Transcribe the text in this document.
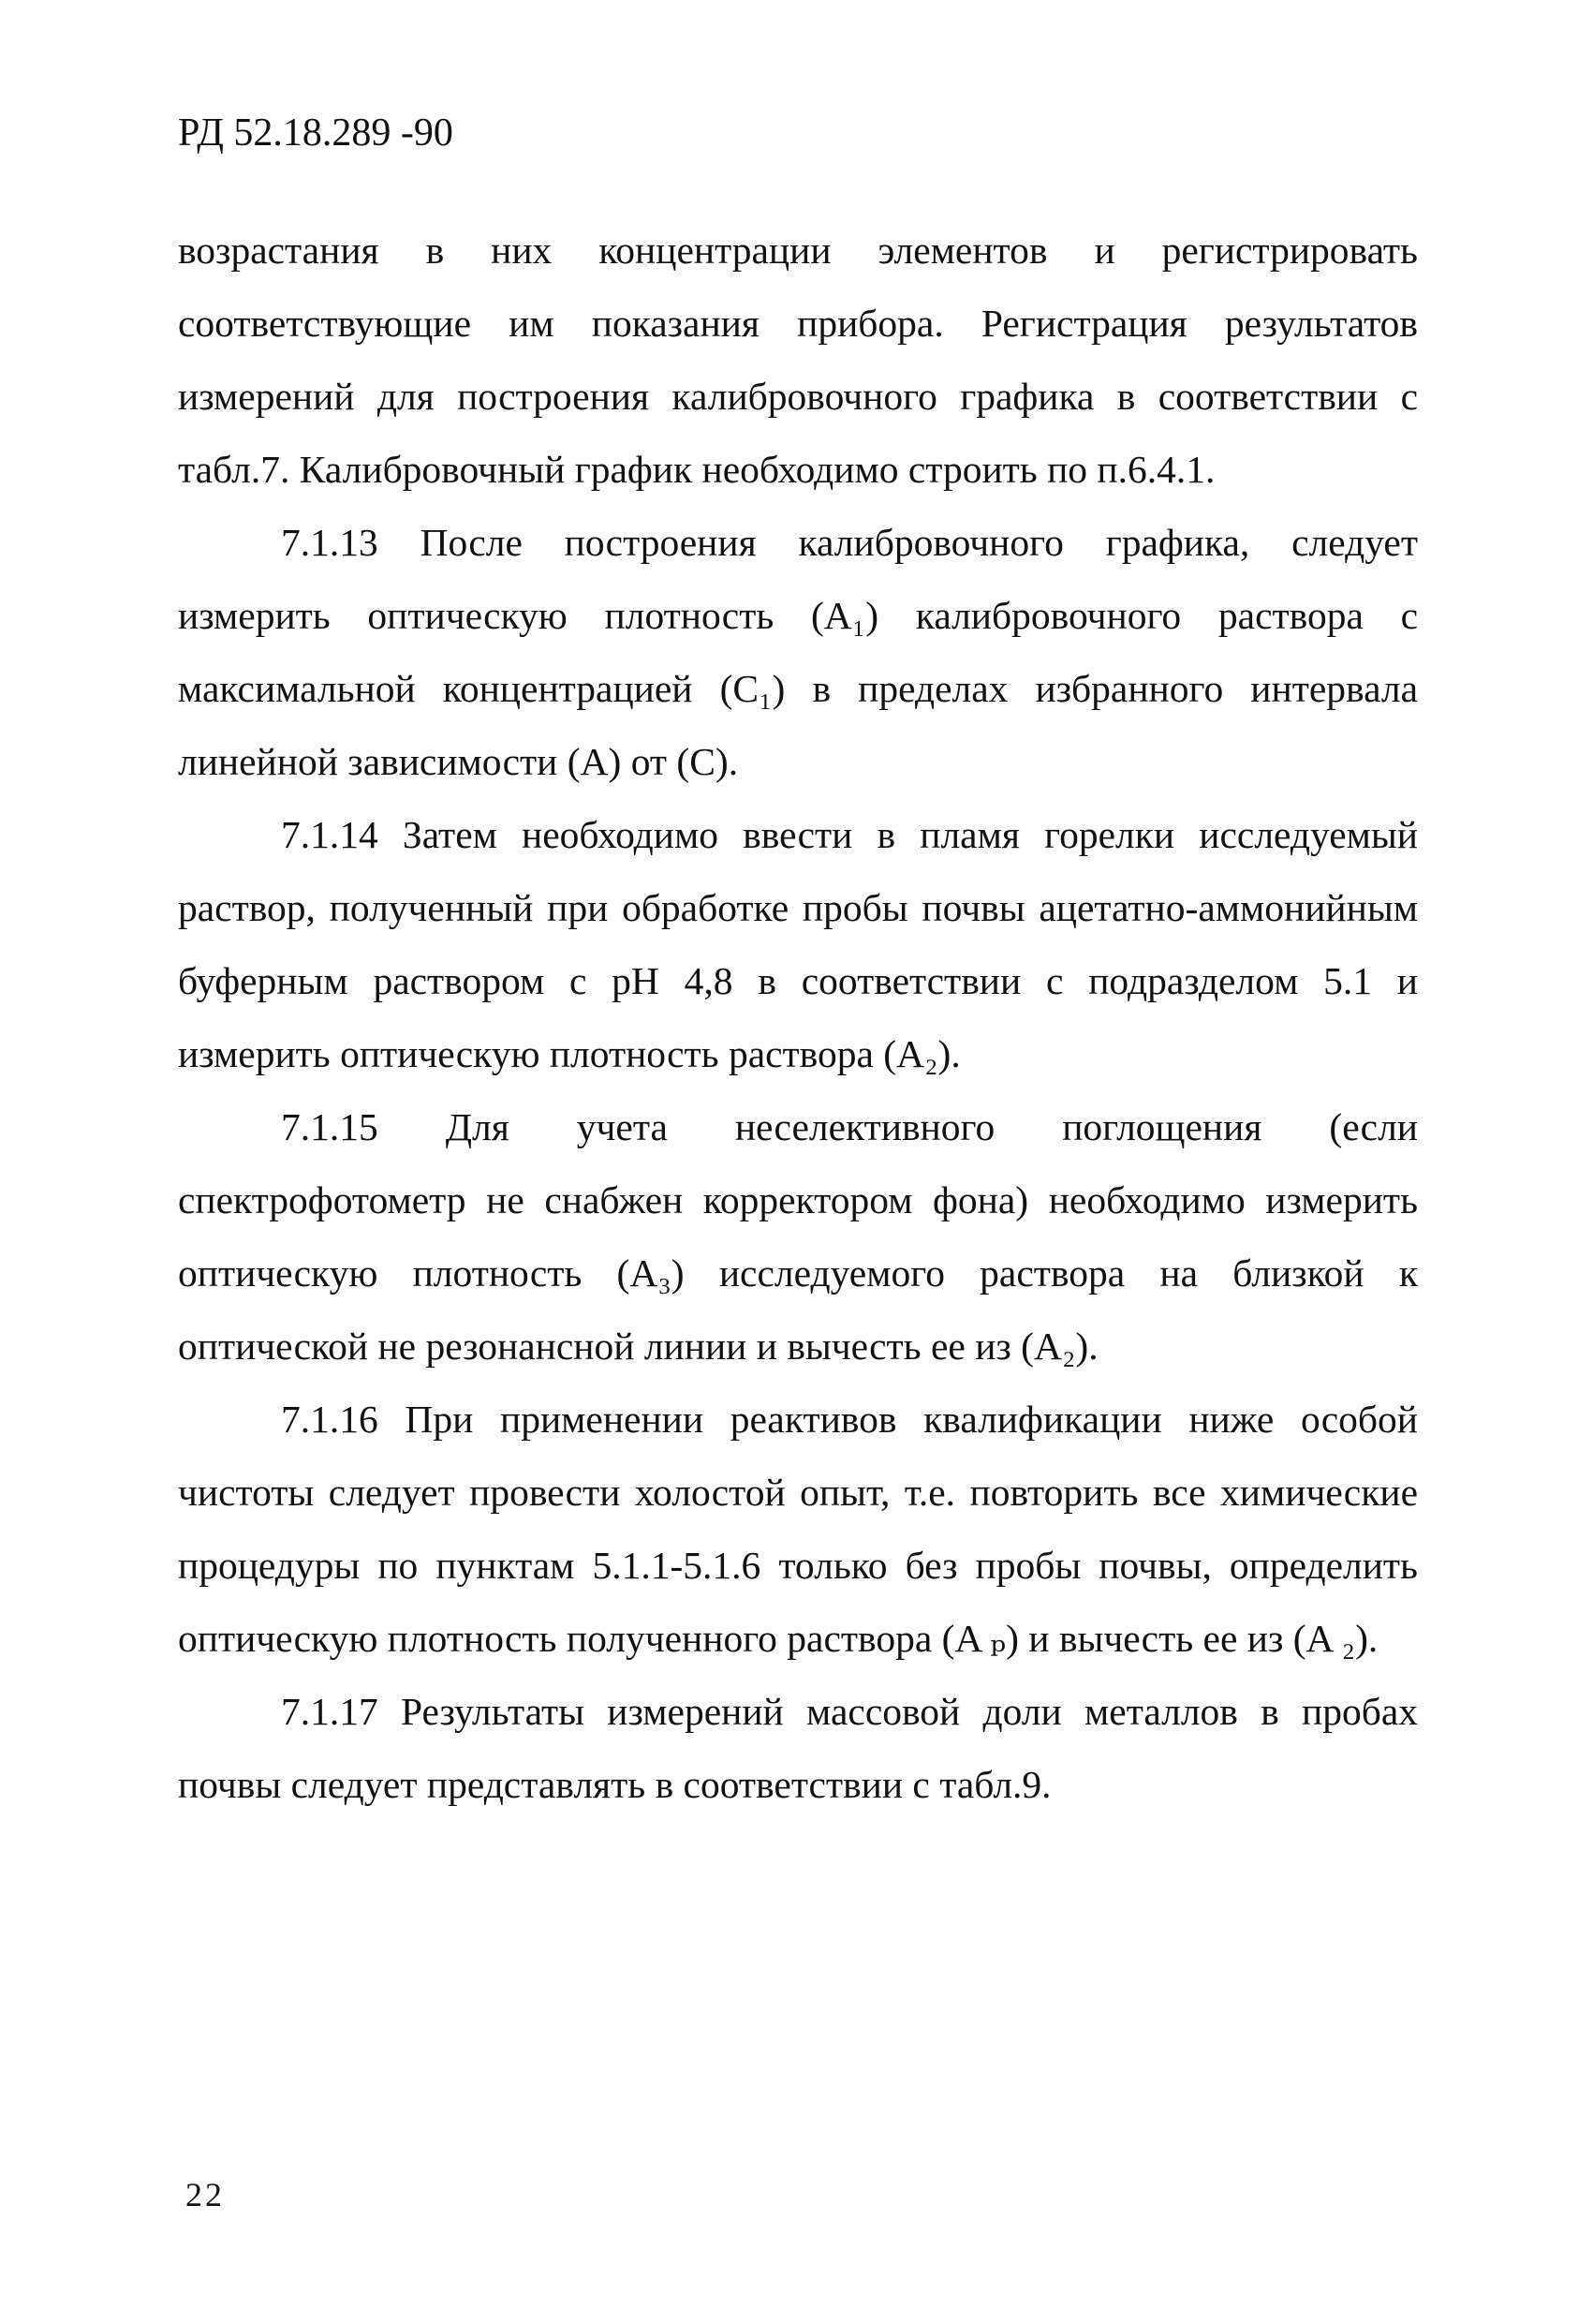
РД 52.18.289 -90

возрастания в них концентрации элементов и регистрировать соответствующие им показания прибора. Регистрация результатов измерений для построения калибровочного графика в соответствии с табл.7. Калибровочный график необходимо строить по п.6.4.1.

7.1.13 После построения калибровочного графика, следует измерить оптическую плотность (A₁) калибровочного раствора с максимальной концентрацией (C₁) в пределах избранного интервала линейной зависимости (А) от (С).

7.1.14 Затем необходимо ввести в пламя горелки исследуемый раствор, полученный при обработке пробы почвы ацетатно-аммонийным буферным раствором с pH 4,8 в соответствии с подразделом 5.1 и измерить оптическую плотность раствора (A₂).

7.1.15 Для учета неселективного поглощения (если спектрофотометр не снабжен корректором фона) необходимо измерить оптическую плотность (A₃) исследуемого раствора на близкой к оптической не резонансной линии и вычесть ее из (A₂).

7.1.16 При применении реактивов квалификации ниже особой чистоты следует провести холостой опыт, т.е. повторить все химические процедуры по пунктам 5.1.1-5.1.6 только без пробы почвы, определить оптическую плотность полученного раствора (A ₚ) и вычесть ее из (A ₂).

7.1.17 Результаты измерений массовой доли металлов в пробах почвы следует представлять в соответствии с табл.9.

22
